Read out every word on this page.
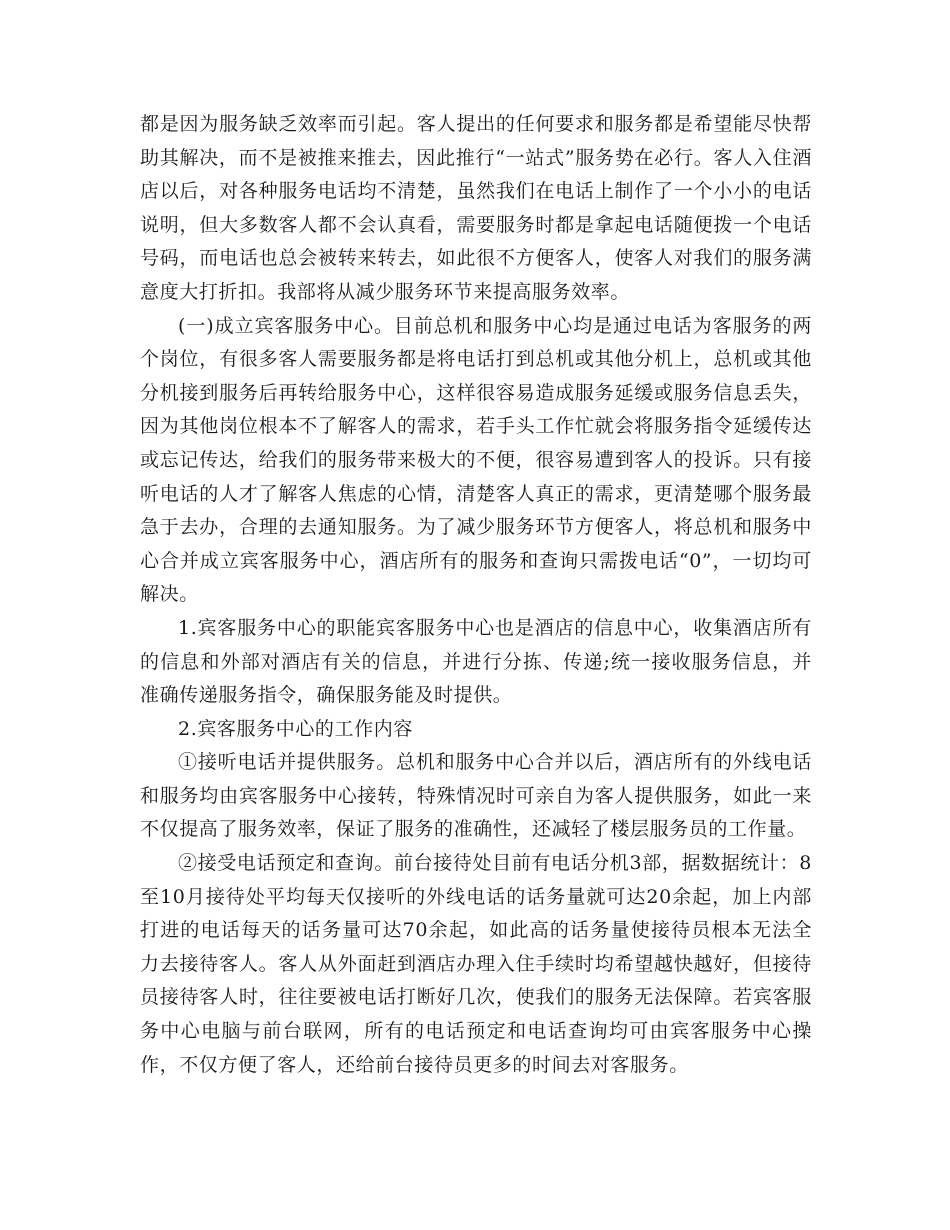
都是因为服务缺乏效率而引起。客人提出的任何要求和服务都是希望能尽快帮助其解决，而不是被推来推去，因此推行“一站式”服务势在必行。客人入住酒店以后，对各种服务电话均不清楚，虽然我们在电话上制作了一个小小的电话说明，但大多数客人都不会认真看，需要服务时都是拿起电话随便拨一个电话号码，而电话也总会被转来转去，如此很不方便客人，使客人对我们的服务满意度大打折扣。我部将从减少服务环节来提高服务效率。

(一)成立宾客服务中心。目前总机和服务中心均是通过电话为客服务的两个岗位，有很多客人需要服务都是将电话打到总机或其他分机上，总机或其他分机接到服务后再转给服务中心，这样很容易造成服务延缓或服务信息丢失，因为其他岗位根本不了解客人的需求，若手头工作忙就会将服务指令延缓传达或忘记传达，给我们的服务带来极大的不便，很容易遭到客人的投诉。只有接听电话的人才了解客人焦虑的心情，清楚客人真正的需求，更清楚哪个服务最急于去办，合理的去通知服务。为了减少服务环节方便客人，将总机和服务中心合并成立宾客服务中心，酒店所有的服务和查询只需拨电话“0”，一切均可解决。

1.宾客服务中心的职能宾客服务中心也是酒店的信息中心，收集酒店所有的信息和外部对酒店有关的信息，并进行分拣、传递;统一接收服务信息，并准确传递服务指令，确保服务能及时提供。

2.宾客服务中心的工作内容

①接听电话并提供服务。总机和服务中心合并以后，酒店所有的外线电话和服务均由宾客服务中心接转，特殊情况时可亲自为客人提供服务，如此一来不仅提高了服务效率，保证了服务的准确性，还减轻了楼层服务员的工作量。

②接受电话预定和查询。前台接待处目前有电话分机3部，据数据统计：8至10月接待处平均每天仅接听的外线电话的话务量就可达20余起，加上内部打进的电话每天的话务量可达70余起，如此高的话务量使接待员根本无法全力去接待客人。客人从外面赶到酒店办理入住手续时均希望越快越好，但接待员接待客人时，往往要被电话打断好几次，使我们的服务无法保障。若宾客服务中心电脑与前台联网，所有的电话预定和电话查询均可由宾客服务中心操作，不仅方便了客人，还给前台接待员更多的时间去对客服务。
